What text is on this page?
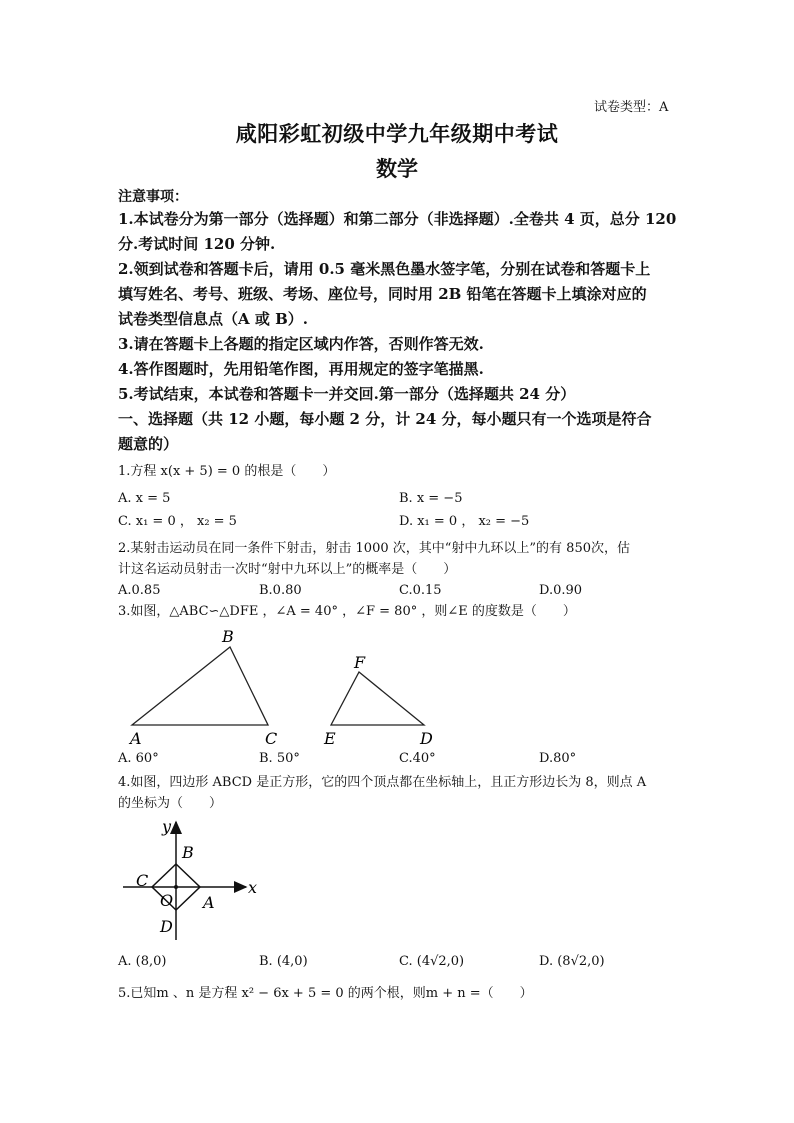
试卷类型：A
咸阳彩虹初级中学九年级期中考试
数学
注意事项：
1.本试卷分为第一部分（选择题）和第二部分（非选择题）.全卷共 4 页，总分 120
分.考试时间 120 分钟.
2.领到试卷和答题卡后，请用 0.5 毫米黑色墨水签字笔，分别在试卷和答题卡上
填写姓名、考号、班级、考场、座位号，同时用 2B 铅笔在答题卡上填涂对应的
试卷类型信息点（A 或 B）.
3.请在答题卡上各题的指定区域内作答，否则作答无效.
4.答作图题时，先用铅笔作图，再用规定的签字笔描黑.
5.考试结束，本试卷和答题卡一并交回.第一部分（选择题共 24 分）
一、选择题（共 12 小题，每小题 2 分，计 24 分，每小题只有一个选项是符合
题意的）
1.方程 x(x + 5) = 0 的根是（　　）
A. x = 5	B. x = −5
C. x₁ = 0 ， x₂ = 5	D. x₁ = 0 ， x₂ = −5
2.某射击运动员在同一条件下射击，射击 1000 次，其中“射中九环以上”的有 850次，估
计这名运动员射击一次时“射中九环以上”的概率是（　　）
A.0.85	B.0.80	C.0.15	D.0.90
3.如图，△ABC∽△DFE ，∠A = 40° ，∠F = 80° ，则∠E 的度数是（　　）
A
B
C
F
E	D
A. 60°	B. 50°	C.40°	D.80°
4.如图，四边形 ABCD 是正方形，它的四个顶点都在坐标轴上，且正方形边长为 8，则点 A
的坐标为（　　）
y
x
B
C
O A
D
A. (8,0)	B. (4,0)	C. (4√2,0)	D. (8√2,0)
5.已知m 、n 是方程 x² − 6x + 5 = 0 的两个根，则m + n =（　　）
